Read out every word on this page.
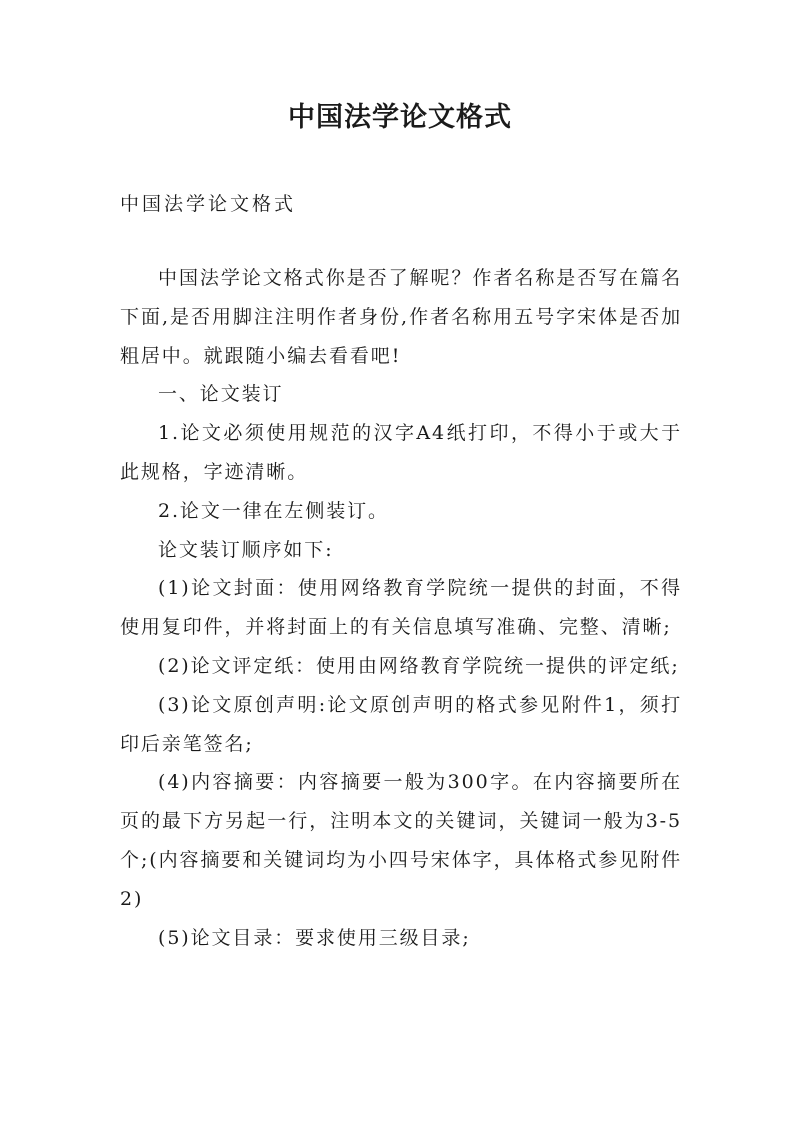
中国法学论文格式

中国法学论文格式

中国法学论文格式你是否了解呢？作者名称是否写在篇名下面,是否用脚注注明作者身份,作者名称用五号字宋体是否加粗居中。就跟随小编去看看吧!

一、论文装订

1.论文必须使用规范的汉字A4纸打印，不得小于或大于此规格，字迹清晰。

2.论文一律在左侧装订。

论文装订顺序如下:

(1)论文封面：使用网络教育学院统一提供的封面，不得使用复印件，并将封面上的有关信息填写准确、完整、清晰;

(2)论文评定纸：使用由网络教育学院统一提供的评定纸;

(3)论文原创声明:论文原创声明的格式参见附件1，须打印后亲笔签名;

(4)内容摘要：内容摘要一般为300字。在内容摘要所在页的最下方另起一行，注明本文的关键词，关键词一般为3-5个;(内容摘要和关键词均为小四号宋体字，具体格式参见附件2)

(5)论文目录：要求使用三级目录;
